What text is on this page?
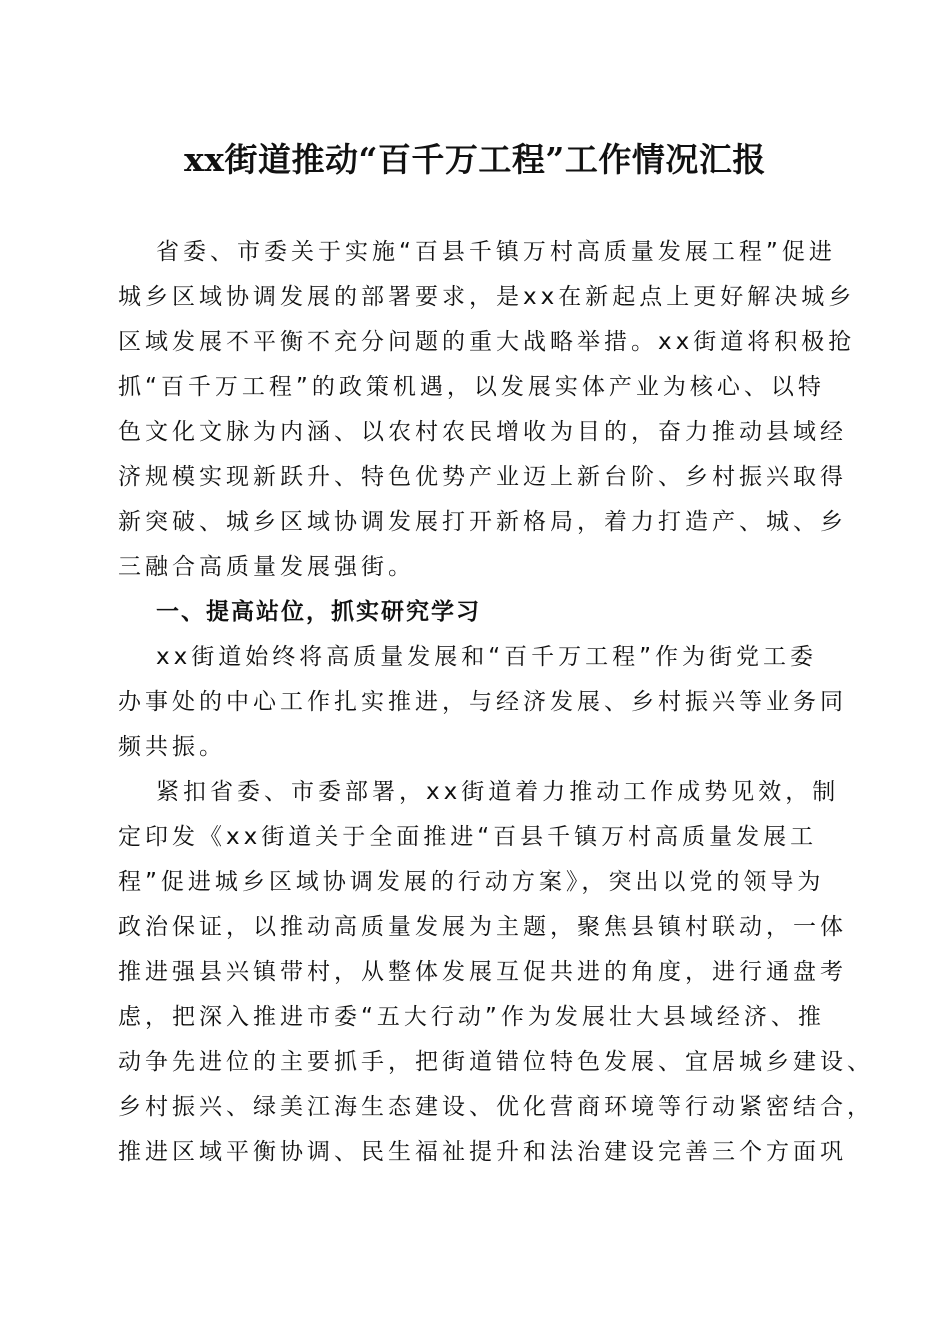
xx街道推动“百千万工程”工作情况汇报
省委、市委关于实施“百县千镇万村高质量发展工程”促进
城乡区域协调发展的部署要求，是xx在新起点上更好解决城乡
区域发展不平衡不充分问题的重大战略举措。xx街道将积极抢
抓“百千万工程”的政策机遇，以发展实体产业为核心、以特
色文化文脉为内涵、以农村农民增收为目的，奋力推动县域经
济规模实现新跃升、特色优势产业迈上新台阶、乡村振兴取得
新突破、城乡区域协调发展打开新格局，着力打造产、城、乡
三融合高质量发展强街。
一、提高站位，抓实研究学习
xx街道始终将高质量发展和“百千万工程”作为街党工委
办事处的中心工作扎实推进，与经济发展、乡村振兴等业务同
频共振。
紧扣省委、市委部署，xx街道着力推动工作成势见效，制
定印发《xx街道关于全面推进“百县千镇万村高质量发展工
程”促进城乡区域协调发展的行动方案》，突出以党的领导为
政治保证，以推动高质量发展为主题，聚焦县镇村联动，一体
推进强县兴镇带村，从整体发展互促共进的角度，进行通盘考
虑，把深入推进市委“五大行动”作为发展壮大县域经济、推
动争先进位的主要抓手，把街道错位特色发展、宜居城乡建设、
乡村振兴、绿美江海生态建设、优化营商环境等行动紧密结合，
推进区域平衡协调、民生福祉提升和法治建设完善三个方面巩
